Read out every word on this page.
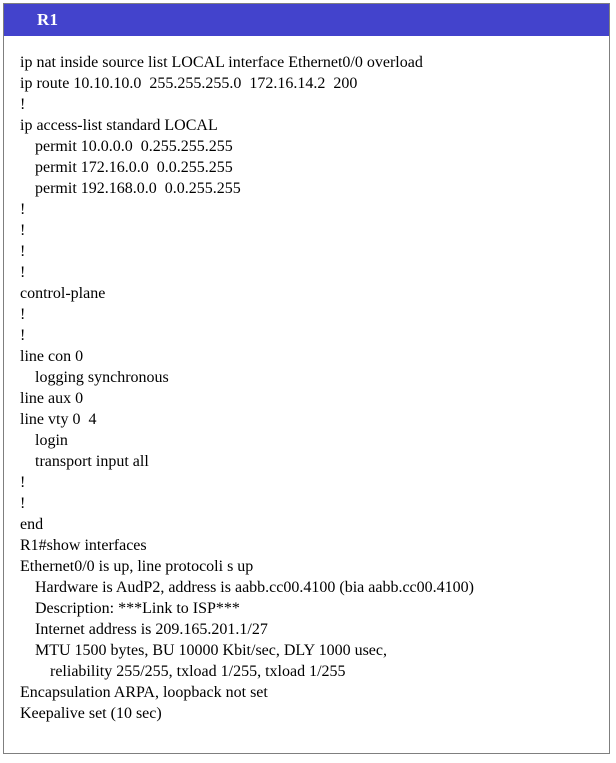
R1
ip nat inside source list LOCAL interface Ethernet0/0 overload
ip route 10.10.10.0  255.255.255.0  172.16.14.2  200
!
ip access-list standard LOCAL
permit 10.0.0.0  0.255.255.255
permit 172.16.0.0  0.0.255.255
permit 192.168.0.0  0.0.255.255
!
!
!
!
control-plane
!
!
line con 0
logging synchronous
line aux 0
line vty 0  4
login
transport input all
!
!
end
R1#show interfaces
Ethernet0/0 is up, line protocoli s up
Hardware is AudP2, address is aabb.cc00.4100 (bia aabb.cc00.4100)
Description: ***Link to ISP***
Internet address is 209.165.201.1/27
MTU 1500 bytes, BU 10000 Kbit/sec, DLY 1000 usec,
reliability 255/255, txload 1/255, txload 1/255
Encapsulation ARPA, loopback not set
Keepalive set (10 sec)
